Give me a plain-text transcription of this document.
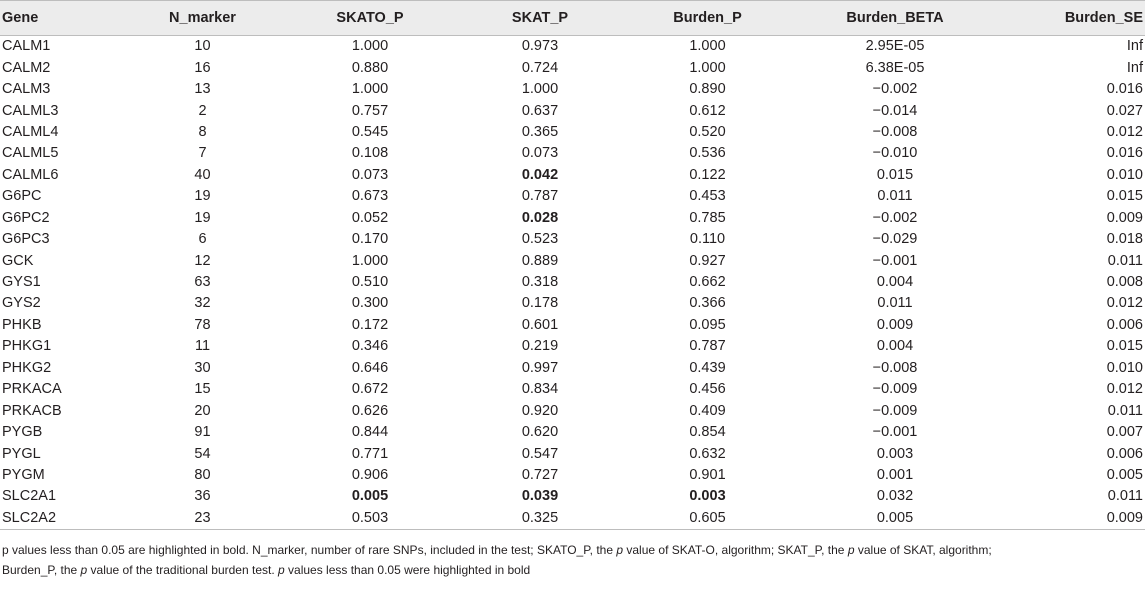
Gene	N_marker	SKATO_P	SKAT_P	Burden_P	Burden_BETA	Burden_SE
CALM1	10	1.000	0.973	1.000	2.95E-05	Inf
CALM2	16	0.880	0.724	1.000	6.38E-05	Inf
CALM3	13	1.000	1.000	0.890	−0.002	0.016
CALML3	2	0.757	0.637	0.612	−0.014	0.027
CALML4	8	0.545	0.365	0.520	−0.008	0.012
CALML5	7	0.108	0.073	0.536	−0.010	0.016
CALML6	40	0.073	0.042	0.122	0.015	0.010
G6PC	19	0.673	0.787	0.453	0.011	0.015
G6PC2	19	0.052	0.028	0.785	−0.002	0.009
G6PC3	6	0.170	0.523	0.110	−0.029	0.018
GCK	12	1.000	0.889	0.927	−0.001	0.011
GYS1	63	0.510	0.318	0.662	0.004	0.008
GYS2	32	0.300	0.178	0.366	0.011	0.012
PHKB	78	0.172	0.601	0.095	0.009	0.006
PHKG1	11	0.346	0.219	0.787	0.004	0.015
PHKG2	30	0.646	0.997	0.439	−0.008	0.010
PRKACA	15	0.672	0.834	0.456	−0.009	0.012
PRKACB	20	0.626	0.920	0.409	−0.009	0.011
PYGB	91	0.844	0.620	0.854	−0.001	0.007
PYGL	54	0.771	0.547	0.632	0.003	0.006
PYGM	80	0.906	0.727	0.901	0.001	0.005
SLC2A1	36	0.005	0.039	0.003	0.032	0.011
SLC2A2	23	0.503	0.325	0.605	0.005	0.009
p values less than 0.05 are highlighted in bold. N_marker, number of rare SNPs, included in the test; SKATO_P, the p value of SKAT-O, algorithm; SKAT_P, the p value of SKAT, algorithm;
Burden_P, the p value of the traditional burden test. p values less than 0.05 were highlighted in bold
